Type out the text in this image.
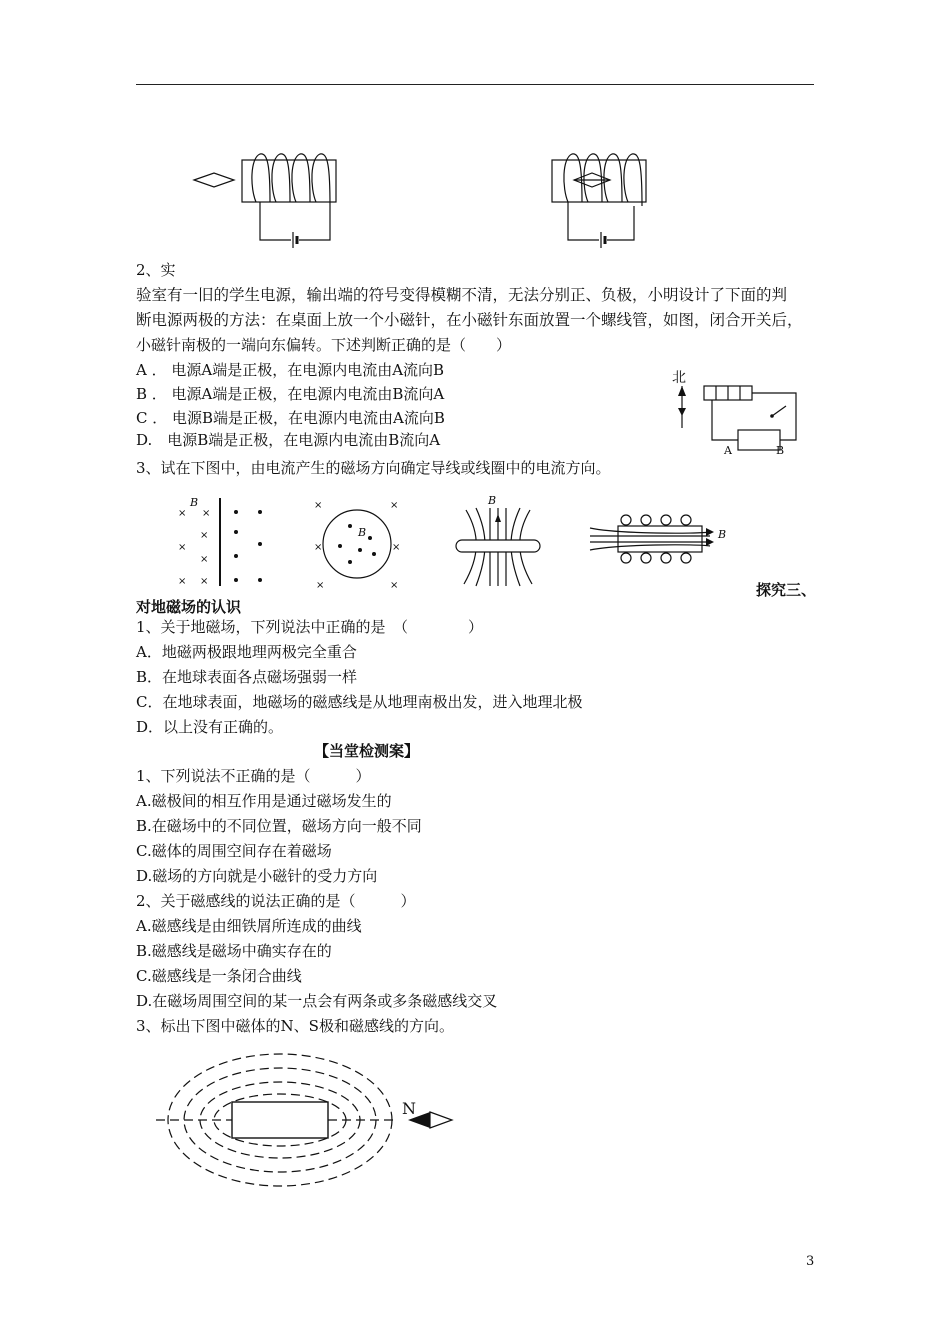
2、实
验室有一旧的学生电源，输出端的符号变得模糊不清，无法分别正、负极，小明设计了下面的判
断电源两极的方法：在桌面上放一个小磁针，在小磁针东面放置一个螺线管，如图，闭合开关后，
小磁针南极的一端向东偏转。下述判断正确的是（　　）
A ． 电源A端是正极，在电源内电流由A流向B
B ． 电源A端是正极，在电源内电流由B流向A
C ． 电源B端是正极，在电源内电流由A流向B
D.　电源B端是正极，在电源内电流由B流向A
北
A	B
3、试在下图中，由电流产生的磁场方向确定导线或线圈中的电流方向。
B
× ×
×
×
×
× ×
×	×
×	×
×	×
B
B
B
探究三、
对地磁场的认识
1、关于地磁场，下列说法中正确的是　（　　　　）
A．地磁两极跟地理两极完全重合
B．在地球表面各点磁场强弱一样
C．在地球表面，地磁场的磁感线是从地理南极出发，进入地理北极
D．以上没有正确的。
【当堂检测案】
1、下列说法不正确的是（　　　）
A.磁极间的相互作用是通过磁场发生的
B.在磁场中的不同位置，磁场方向一般不同
C.磁体的周围空间存在着磁场
D.磁场的方向就是小磁针的受力方向
2、关于磁感线的说法正确的是（　　　）
A.磁感线是由细铁屑所连成的曲线
B.磁感线是磁场中确实存在的
C.磁感线是一条闭合曲线
D.在磁场周围空间的某一点会有两条或多条磁感线交叉
3、标出下图中磁体的N、S极和磁感线的方向。
N
3
